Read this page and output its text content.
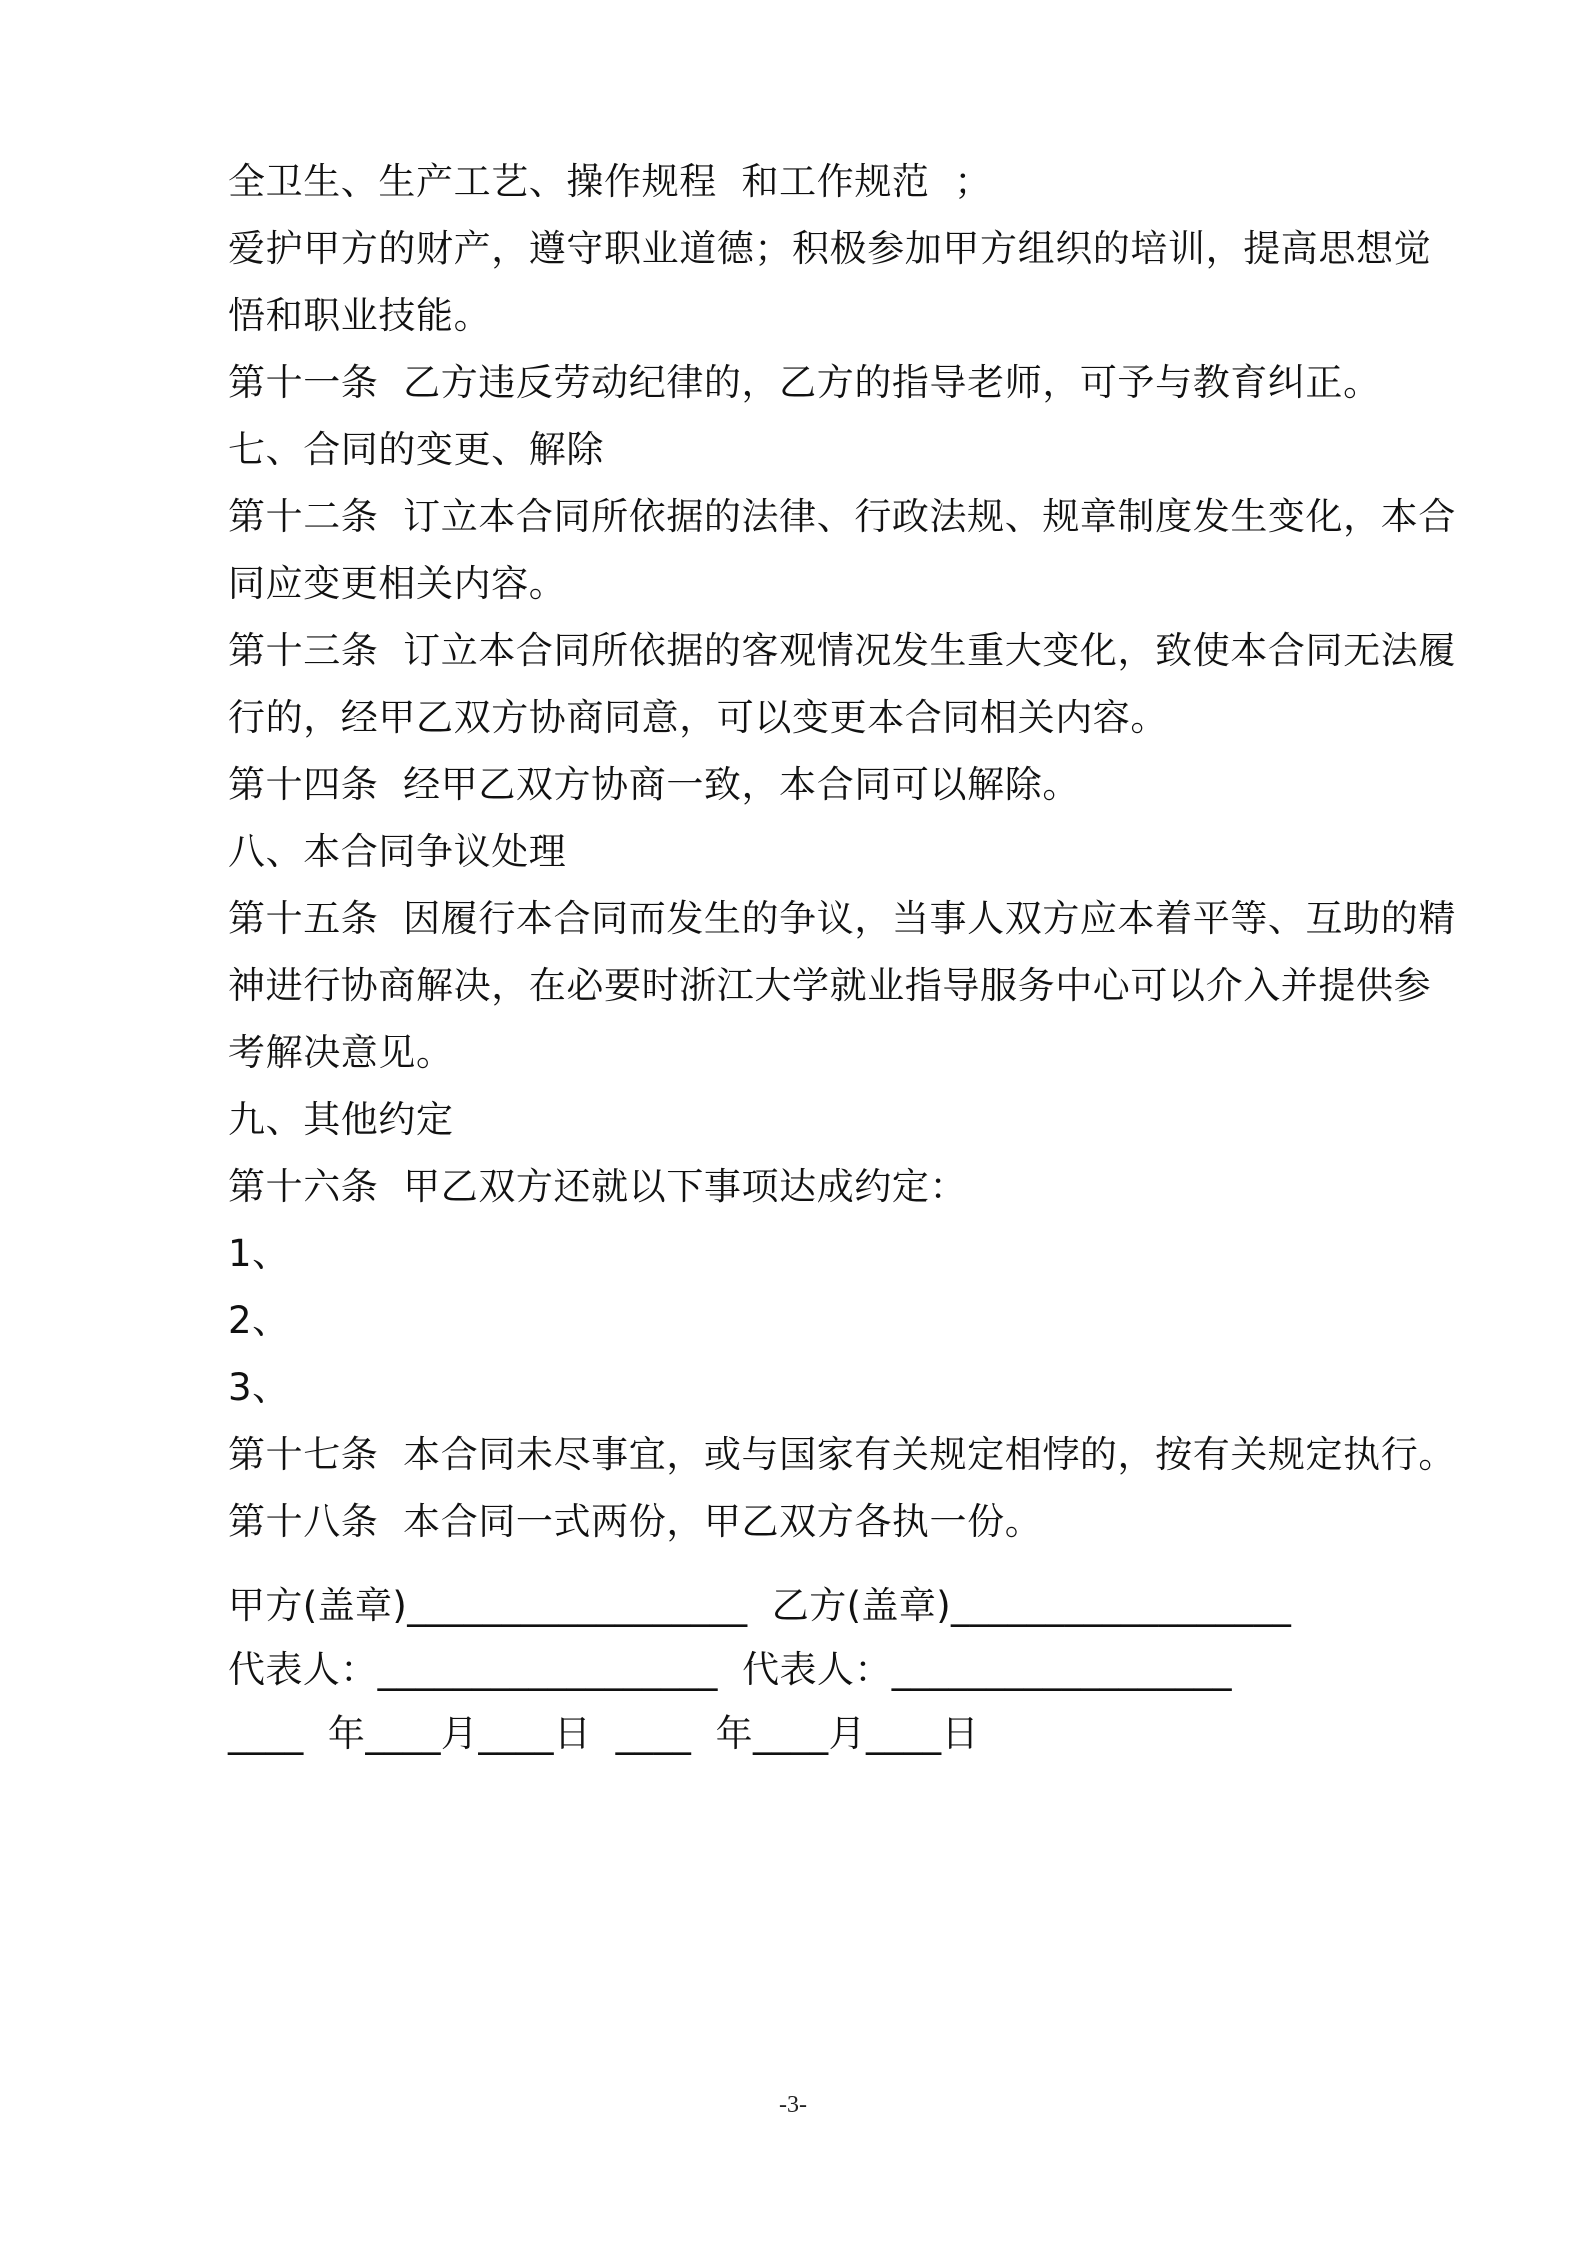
全卫生、生产工艺、操作规程  和工作规范  ；
爱护甲方的财产，遵守职业道德；积极参加甲方组织的培训，提高思想觉
悟和职业技能。
第十一条  乙方违反劳动纪律的，乙方的指导老师，可予与教育纠正。
七、合同的变更、解除
第十二条  订立本合同所依据的法律、行政法规、规章制度发生变化，本合
同应变更相关内容。
第十三条  订立本合同所依据的客观情况发生重大变化，致使本合同无法履
行的，经甲乙双方协商同意，可以变更本合同相关内容。
第十四条  经甲乙双方协商一致，本合同可以解除。
八、本合同争议处理
第十五条  因履行本合同而发生的争议，当事人双方应本着平等、互助的精
神进行协商解决，在必要时浙江大学就业指导服务中心可以介入并提供参
考解决意见。
九、其他约定
第十六条  甲乙双方还就以下事项达成约定：
1、
2、
3、
第十七条  本合同未尽事宜，或与国家有关规定相悖的，按有关规定执行。
第十八条  本合同一式两份，甲乙双方各执一份。
甲方(盖章)__________________  乙方(盖章)__________________
代表人：__________________  代表人：__________________
____  年____月____日  ____  年____月____日
-3-
